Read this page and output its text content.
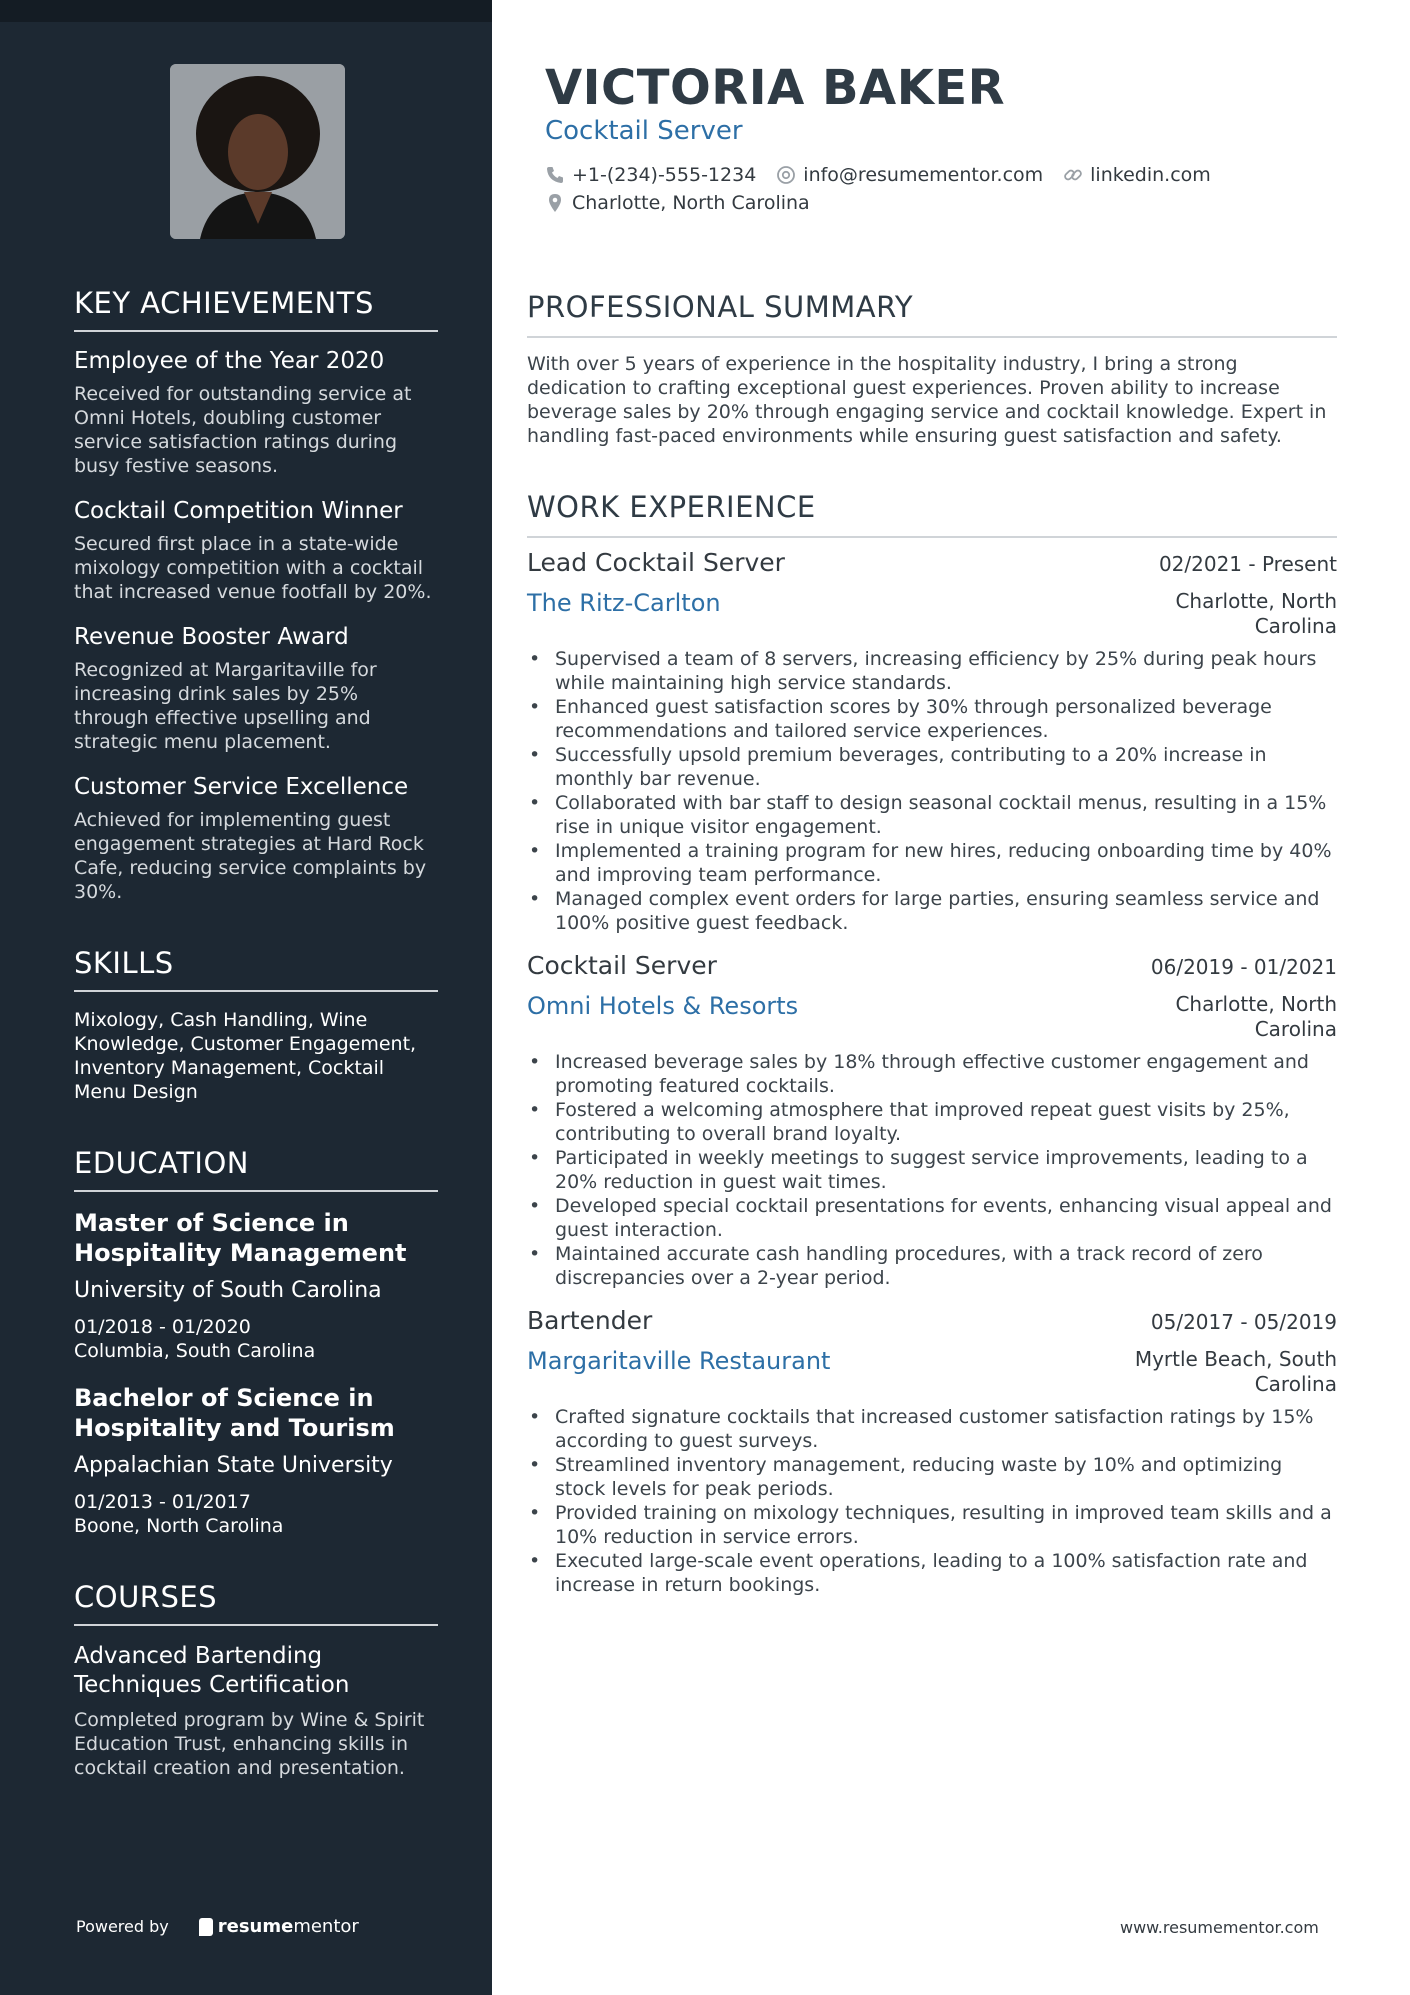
KEY ACHIEVEMENTS
Employee of the Year 2020
Received for outstanding service at Omni Hotels, doubling customer service satisfaction ratings during busy festive seasons.
Cocktail Competition Winner
Secured first place in a state-wide mixology competition with a cocktail that increased venue footfall by 20%.
Revenue Booster Award
Recognized at Margaritaville for increasing drink sales by 25% through effective upselling and strategic menu placement.
Customer Service Excellence
Achieved for implementing guest engagement strategies at Hard Rock Cafe, reducing service complaints by 30%.
SKILLS
Mixology, Cash Handling, Wine Knowledge, Customer Engagement, Inventory Management, Cocktail Menu Design
EDUCATION
Master of Science in Hospitality Management
University of South Carolina
01/2018 - 01/2020
Columbia, South Carolina
Bachelor of Science in Hospitality and Tourism
Appalachian State University
01/2013 - 01/2017
Boone, North Carolina
COURSES
Advanced Bartending Techniques Certification
Completed program by Wine & Spirit Education Trust, enhancing skills in cocktail creation and presentation.
Powered by	resume mentor
VICTORIA BAKER
Cocktail Server
+1-(234)-555-1234 info@resumementor.com linkedin.com
Charlotte, North Carolina
PROFESSIONAL SUMMARY
With over 5 years of experience in the hospitality industry, I bring a strong dedication to crafting exceptional guest experiences. Proven ability to increase beverage sales by 20% through engaging service and cocktail knowledge. Expert in handling fast-paced environments while ensuring guest satisfaction and safety.
WORK EXPERIENCE
Lead Cocktail Server	02/2021 - Present
The Ritz-Carlton	Charlotte, North Carolina
• Supervised a team of 8 servers, increasing efficiency by 25% during peak hours while maintaining high service standards.
• Enhanced guest satisfaction scores by 30% through personalized beverage recommendations and tailored service experiences.
• Successfully upsold premium beverages, contributing to a 20% increase in monthly bar revenue.
• Collaborated with bar staff to design seasonal cocktail menus, resulting in a 15% rise in unique visitor engagement.
• Implemented a training program for new hires, reducing onboarding time by 40% and improving team performance.
• Managed complex event orders for large parties, ensuring seamless service and 100% positive guest feedback.
Cocktail Server	06/2019 - 01/2021
Omni Hotels & Resorts	Charlotte, North Carolina
• Increased beverage sales by 18% through effective customer engagement and promoting featured cocktails.
• Fostered a welcoming atmosphere that improved repeat guest visits by 25%, contributing to overall brand loyalty.
• Participated in weekly meetings to suggest service improvements, leading to a 20% reduction in guest wait times.
• Developed special cocktail presentations for events, enhancing visual appeal and guest interaction.
• Maintained accurate cash handling procedures, with a track record of zero discrepancies over a 2-year period.
Bartender	05/2017 - 05/2019
Margaritaville Restaurant	Myrtle Beach, South Carolina
• Crafted signature cocktails that increased customer satisfaction ratings by 15% according to guest surveys.
• Streamlined inventory management, reducing waste by 10% and optimizing stock levels for peak periods.
• Provided training on mixology techniques, resulting in improved team skills and a 10% reduction in service errors.
• Executed large-scale event operations, leading to a 100% satisfaction rate and increase in return bookings.
www.resumementor.com
